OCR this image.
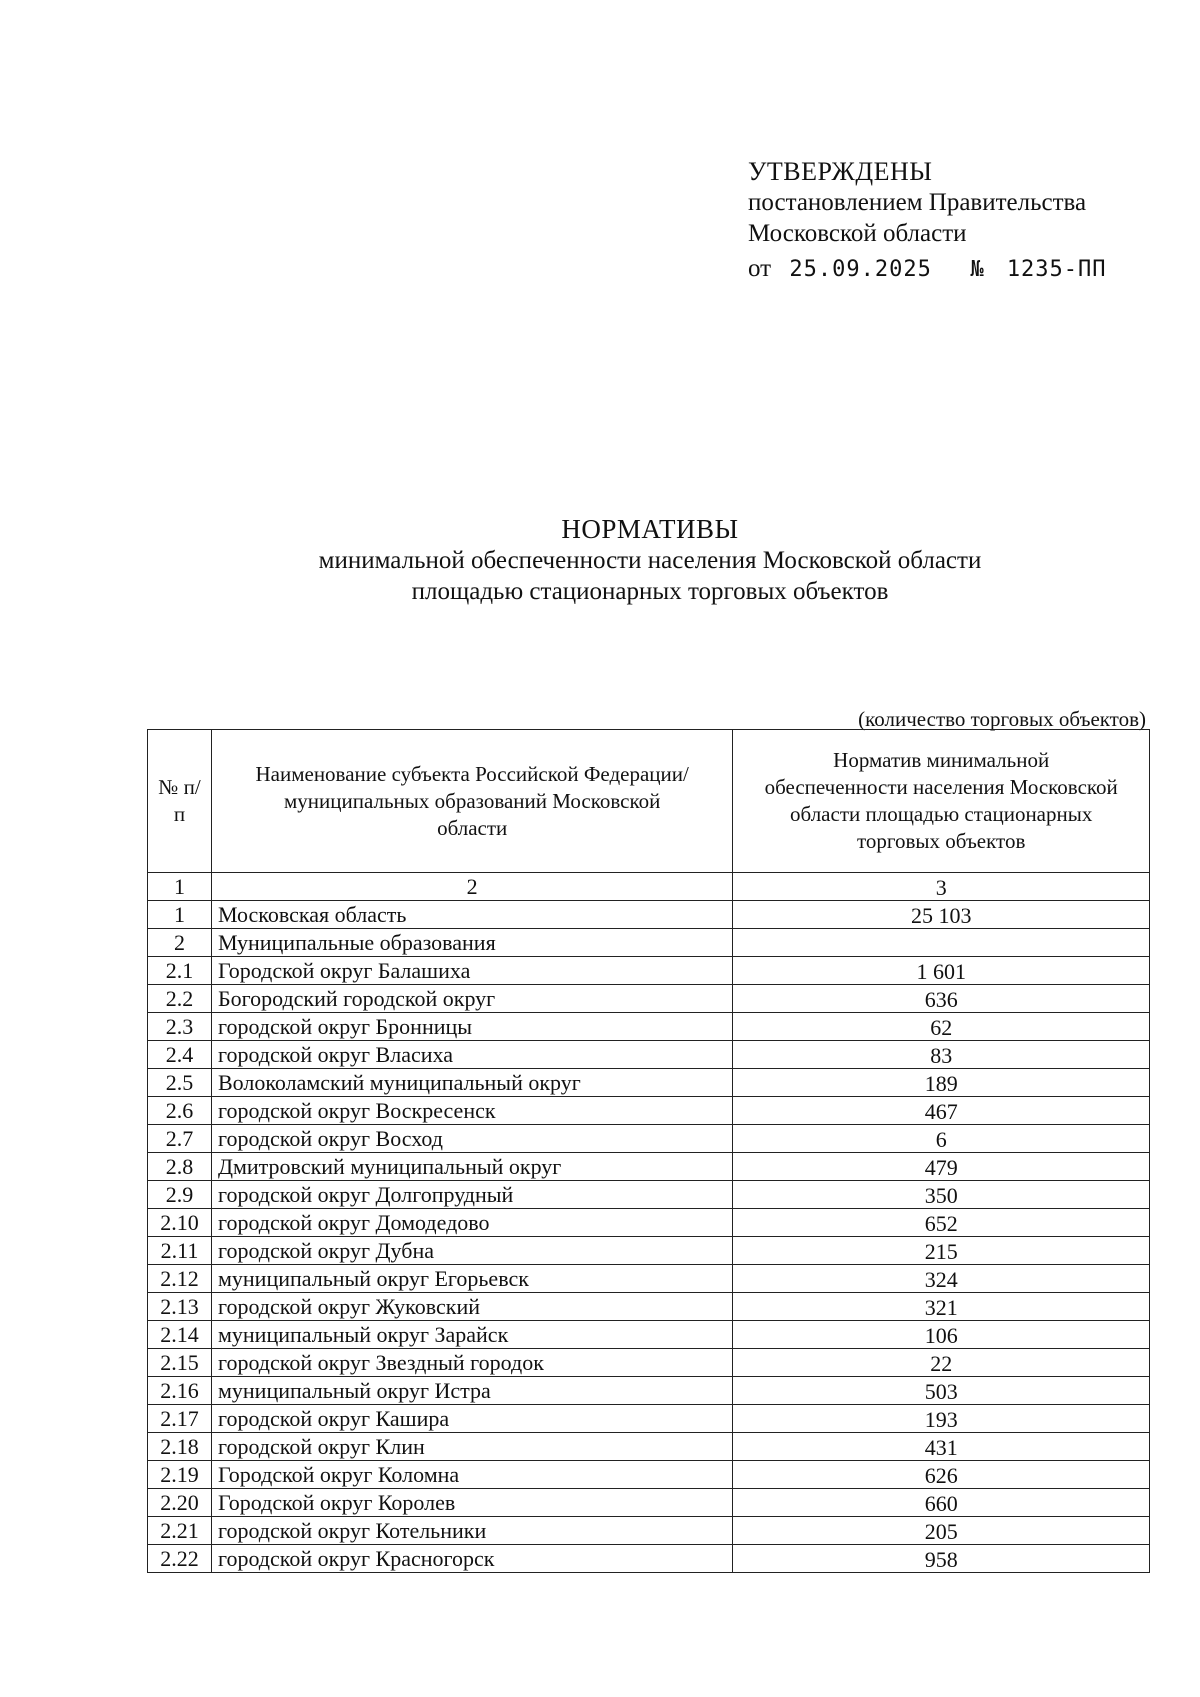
УТВЕРЖДЕНЫ
постановлением Правительства
Московской области
от 25.09.2025 № 1235-ПП
НОРМАТИВЫ
минимальной обеспеченности населения Московской области
площадью стационарных торговых объектов
(количество торговых объектов)
№ п/п	Наименование субъекта Российской Федерации/муниципальных образований Московской области	Норматив минимальной обеспеченности населения Московской области площадью стационарных торговых объектов
1	2	3
1	Московская область	25 103
2	Муниципальные образования	
2.1	Городской округ Балашиха	1 601
2.2	Богородский городской округ	636
2.3	городской округ Бронницы	62
2.4	городской округ Власиха	83
2.5	Волоколамский муниципальный округ	189
2.6	городской округ Воскресенск	467
2.7	городской округ Восход	6
2.8	Дмитровский муниципальный округ	479
2.9	городской округ Долгопрудный	350
2.10	городской округ Домодедово	652
2.11	городской округ Дубна	215
2.12	муниципальный округ Егорьевск	324
2.13	городской округ Жуковский	321
2.14	муниципальный округ Зарайск	106
2.15	городской округ Звездный городок	22
2.16	муниципальный округ Истра	503
2.17	городской округ Кашира	193
2.18	городской округ Клин	431
2.19	Городской округ Коломна	626
2.20	Городской округ Королев	660
2.21	городской округ Котельники	205
2.22	городской округ Красногорск	958
